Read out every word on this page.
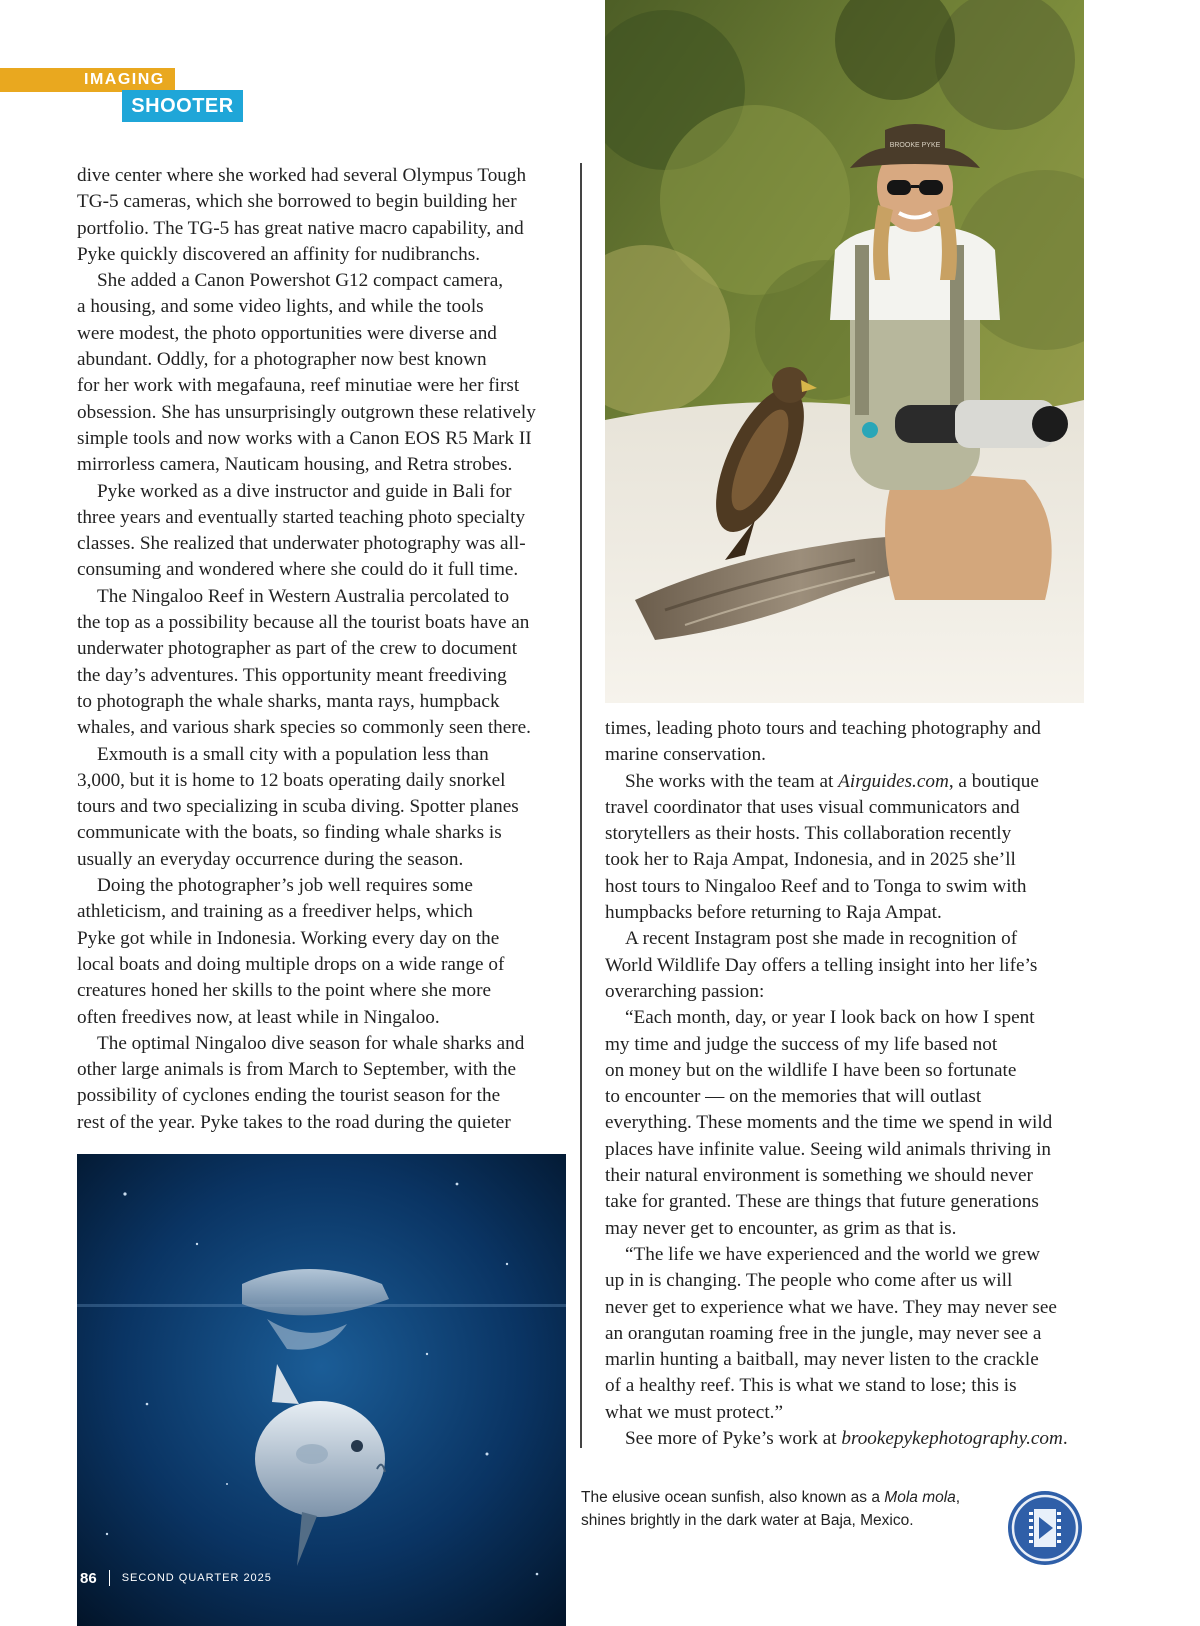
IMAGING
SHOOTER
BROOKE PYKE
dive center where she worked had several Olympus Tough
TG-5 cameras, which she borrowed to begin building her
portfolio. The TG-5 has great native macro capability, and
Pyke quickly discovered an affinity for nudibranchs.
She added a Canon Powershot G12 compact camera,
a housing, and some video lights, and while the tools
were modest, the photo opportunities were diverse and
abundant. Oddly, for a photographer now best known
for her work with megafauna, reef minutiae were her first
obsession. She has unsurprisingly outgrown these relatively
simple tools and now works with a Canon EOS R5 Mark II
mirrorless camera, Nauticam housing, and Retra strobes.
Pyke worked as a dive instructor and guide in Bali for
three years and eventually started teaching photo specialty
classes. She realized that underwater photography was all-
consuming and wondered where she could do it full time.
The Ningaloo Reef in Western Australia percolated to
the top as a possibility because all the tourist boats have an
underwater photographer as part of the crew to document
the day’s adventures. This opportunity meant freediving
to photograph the whale sharks, manta rays, humpback
whales, and various shark species so commonly seen there.
Exmouth is a small city with a population less than
3,000, but it is home to 12 boats operating daily snorkel
tours and two specializing in scuba diving. Spotter planes
communicate with the boats, so finding whale sharks is
usually an everyday occurrence during the season.
Doing the photographer’s job well requires some
athleticism, and training as a freediver helps, which
Pyke got while in Indonesia. Working every day on the
local boats and doing multiple drops on a wide range of
creatures honed her skills to the point where she more
often freedives now, at least while in Ningaloo.
The optimal Ningaloo dive season for whale sharks and
other large animals is from March to September, with the
possibility of cyclones ending the tourist season for the
rest of the year. Pyke takes to the road during the quieter
times, leading photo tours and teaching photography and
marine conservation.
She works with the team at Airguides.com, a boutique
travel coordinator that uses visual communicators and
storytellers as their hosts. This collaboration recently
took her to Raja Ampat, Indonesia, and in 2025 she’ll
host tours to Ningaloo Reef and to Tonga to swim with
humpbacks before returning to Raja Ampat.
A recent Instagram post she made in recognition of
World Wildlife Day offers a telling insight into her life’s
overarching passion:
“Each month, day, or year I look back on how I spent
my time and judge the success of my life based not
on money but on the wildlife I have been so fortunate
to encounter — on the memories that will outlast
everything. These moments and the time we spend in wild
places have infinite value. Seeing wild animals thriving in
their natural environment is something we should never
take for granted. These are things that future generations
may never get to encounter, as grim as that is.
“The life we have experienced and the world we grew
up in is changing. The people who come after us will
never get to experience what we have. They may never see
an orangutan roaming free in the jungle, may never see a
marlin hunting a baitball, may never listen to the crackle
of a healthy reef. This is what we stand to lose; this is
what we must protect.”
See more of Pyke’s work at brookepykephotography.com.
The elusive ocean sunfish, also known as a Mola mola,
shines brightly in the dark water at Baja, Mexico.
86 SECOND QUARTER 2025
